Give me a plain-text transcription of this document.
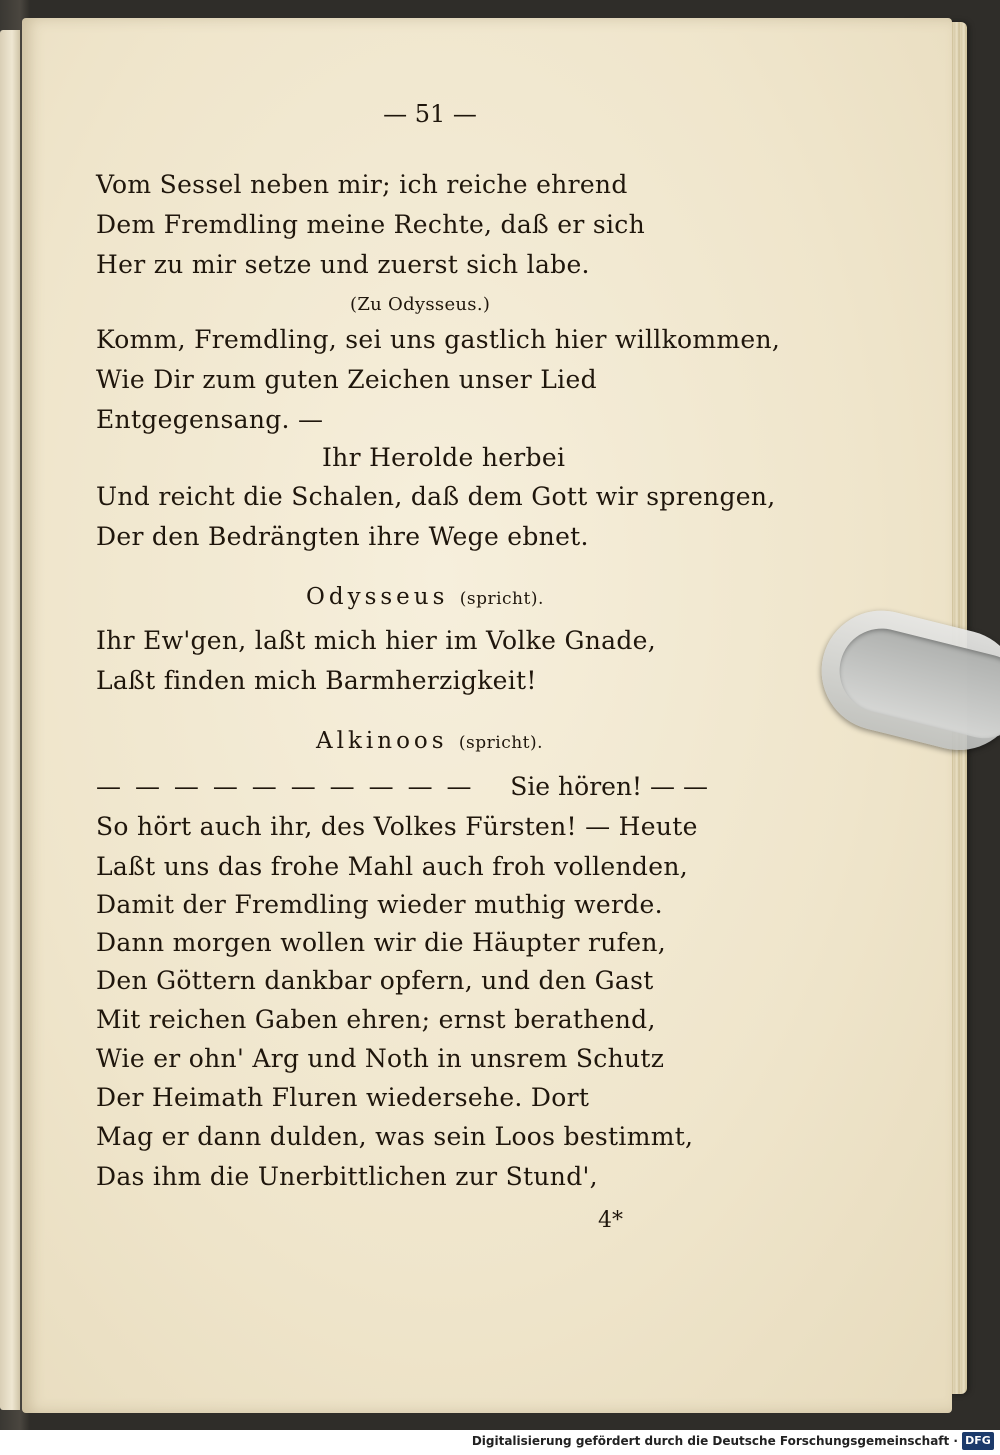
— 51 —
Vom Sessel neben mir; ich reiche ehrend
Dem Fremdling meine Rechte, daß er sich
Her zu mir setze und zuerst sich labe.
(Zu Odysseus.)
Komm, Fremdling, sei uns gastlich hier willkommen,
Wie Dir zum guten Zeichen unser Lied
Entgegensang. —
Ihr Herolde herbei
Und reicht die Schalen, daß dem Gott wir sprengen,
Der den Bedrängten ihre Wege ebnet.
Odysseus (spricht).
Ihr Ew'gen, laßt mich hier im Volke Gnade,
Laßt finden mich Barmherzigkeit!
Alkinoos (spricht).
— — — — — — — — — — Sie hören! — —
So hört auch ihr, des Volkes Fürsten! — Heute
Laßt uns das frohe Mahl auch froh vollenden,
Damit der Fremdling wieder muthig werde.
Dann morgen wollen wir die Häupter rufen,
Den Göttern dankbar opfern, und den Gast
Mit reichen Gaben ehren; ernst berathend,
Wie er ohn' Arg und Noth in unsrem Schutz
Der Heimath Fluren wiedersehe. Dort
Mag er dann dulden, was sein Loos bestimmt,
Das ihm die Unerbittlichen zur Stund',
4*
Digitalisierung gefördert durch die Deutsche Forschungsgemeinschaft · DFG
